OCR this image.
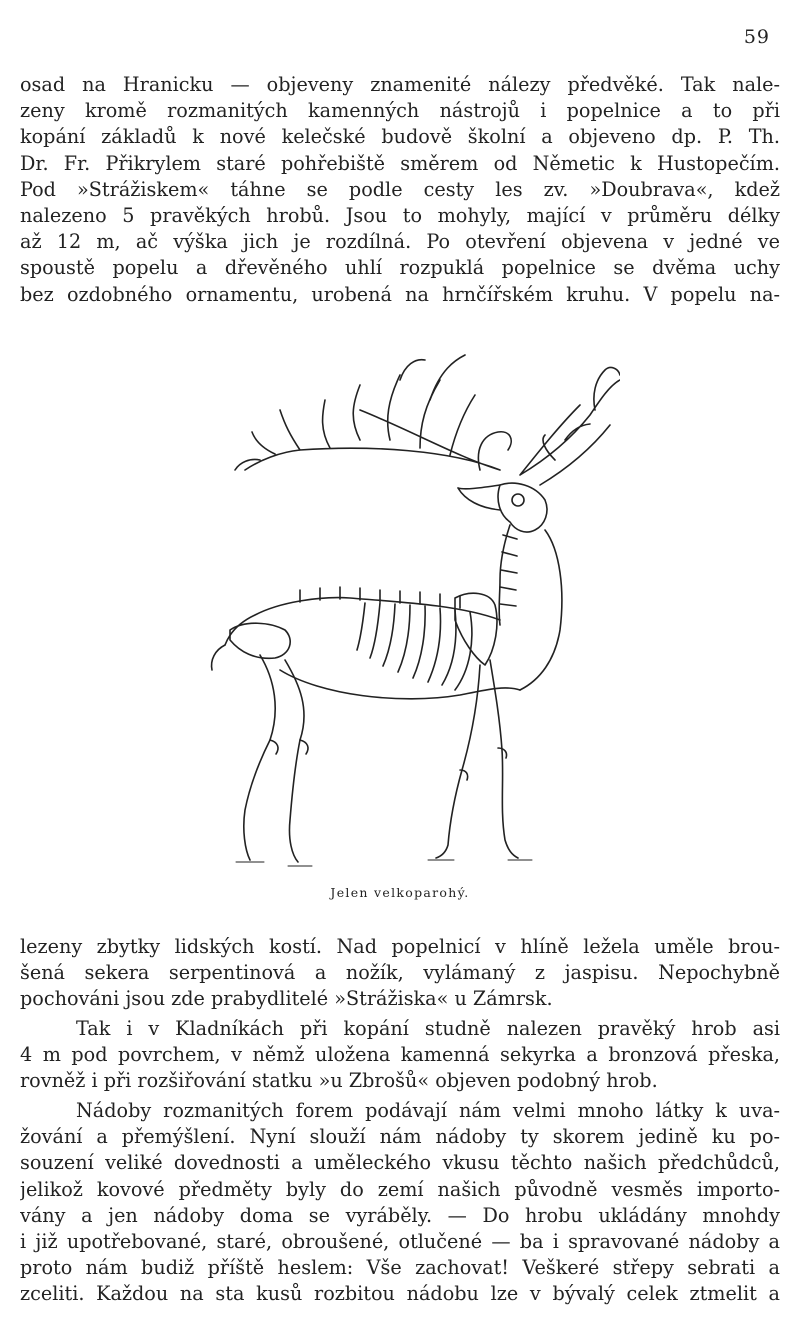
59
osad na Hranicku — objeveny znamenité nálezy předvěké. Tak nale-
zeny kromě rozmanitých kamenných nástrojů i popelnice a to při
kopání základů k nové kelečské budově školní a objeveno dp. P. Th.
Dr. Fr. Přikrylem staré pohřebiště směrem od Němetic k Hustopečím.
Pod »Strážiskem« táhne se podle cesty les zv. »Doubrava«, kdež
nalezeno 5 pravěkých hrobů. Jsou to mohyly, mající v průměru délky
až 12 m, ač výška jich je rozdílná. Po otevření objevena v jedné ve
spoustě popelu a dřevěného uhlí rozpuklá popelnice se dvěma uchy
bez ozdobného ornamentu, urobená na hrnčířském kruhu. V popelu na-
Jelen velkoparohý.
lezeny zbytky lidských kostí. Nad popelnicí v hlíně ležela uměle brou-
šená sekera serpentinová a nožík, vylámaný z jaspisu. Nepochybně
pochováni jsou zde prabydlitelé »Strážiska« u Zámrsk.
Tak i v Kladníkách při kopání studně nalezen pravěký hrob asi
4 m pod povrchem, v němž uložena kamenná sekyrka a bronzová přeska,
rovněž i při rozšiřování statku »u Zbrošů« objeven podobný hrob.
Nádoby rozmanitých forem podávají nám velmi mnoho látky k uva-
žování a přemýšlení. Nyní slouží nám nádoby ty skorem jedině ku po-
souzení veliké dovednosti a uměleckého vkusu těchto našich předchůdců,
jelikož kovové předměty byly do zemí našich původně vesměs importo-
vány a jen nádoby doma se vyráběly. — Do hrobu ukládány mnohdy
i již upotřebované, staré, obroušené, otlučené — ba i spravované nádoby a
proto nám budiž příště heslem: Vše zachovat! Veškeré střepy sebrati a
zceliti. Každou na sta kusů rozbitou nádobu lze v bývalý celek ztmelit a
